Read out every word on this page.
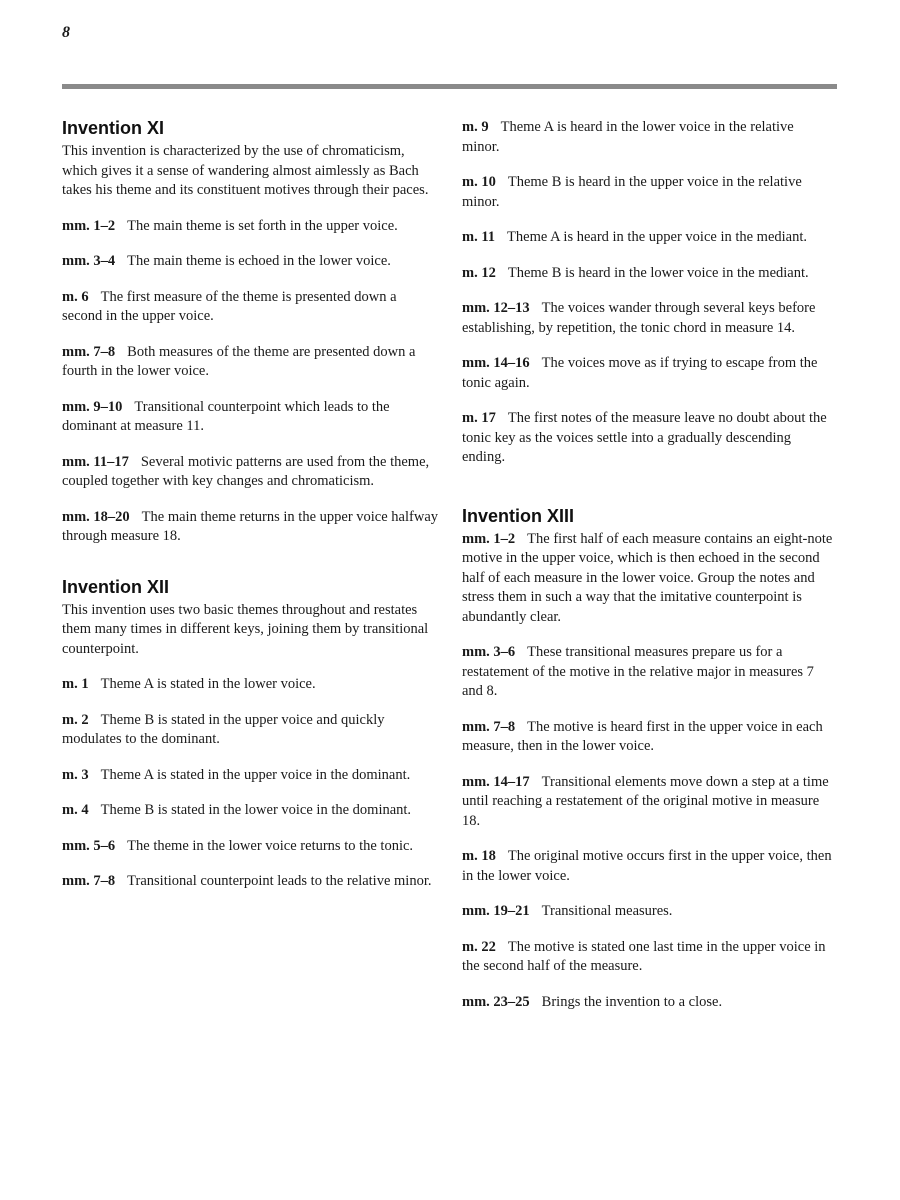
8
Invention XI

This invention is characterized by the use of chromaticism, which gives it a sense of wandering almost aimlessly as Bach takes his theme and its constituent motives through their paces.

mm. 1–2 The main theme is set forth in the upper voice.

mm. 3–4 The main theme is echoed in the lower voice.

m. 6 The first measure of the theme is presented down a second in the upper voice.

mm. 7–8 Both measures of the theme are presented down a fourth in the lower voice.

mm. 9–10 Transitional counterpoint which leads to the dominant at measure 11.

mm. 11–17 Several motivic patterns are used from the theme, coupled together with key changes and chromaticism.

mm. 18–20 The main theme returns in the upper voice halfway through measure 18.

Invention XII

This invention uses two basic themes throughout and restates them many times in different keys, joining them by transitional counterpoint.

m. 1 Theme A is stated in the lower voice.

m. 2 Theme B is stated in the upper voice and quickly modulates to the dominant.

m. 3 Theme A is stated in the upper voice in the dominant.

m. 4 Theme B is stated in the lower voice in the dominant.

mm. 5–6 The theme in the lower voice returns to the tonic.

mm. 7–8 Transitional counterpoint leads to the relative minor.

m. 9 Theme A is heard in the lower voice in the relative minor.

m. 10 Theme B is heard in the upper voice in the relative minor.

m. 11 Theme A is heard in the upper voice in the mediant.

m. 12 Theme B is heard in the lower voice in the mediant.

mm. 12–13 The voices wander through several keys before establishing, by repetition, the tonic chord in measure 14.

mm. 14–16 The voices move as if trying to escape from the tonic again.

m. 17 The first notes of the measure leave no doubt about the tonic key as the voices settle into a gradually descending ending.

Invention XIII

mm. 1–2 The first half of each measure contains an eight-note motive in the upper voice, which is then echoed in the second half of each measure in the lower voice. Group the notes and stress them in such a way that the imitative counterpoint is abundantly clear.

mm. 3–6 These transitional measures prepare us for a restatement of the motive in the relative major in measures 7 and 8.

mm. 7–8 The motive is heard first in the upper voice in each measure, then in the lower voice.

mm. 14–17 Transitional elements move down a step at a time until reaching a restatement of the original motive in measure 18.

m. 18 The original motive occurs first in the upper voice, then in the lower voice.

mm. 19–21 Transitional measures.

m. 22 The motive is stated one last time in the upper voice in the second half of the measure.

mm. 23–25 Brings the invention to a close.
